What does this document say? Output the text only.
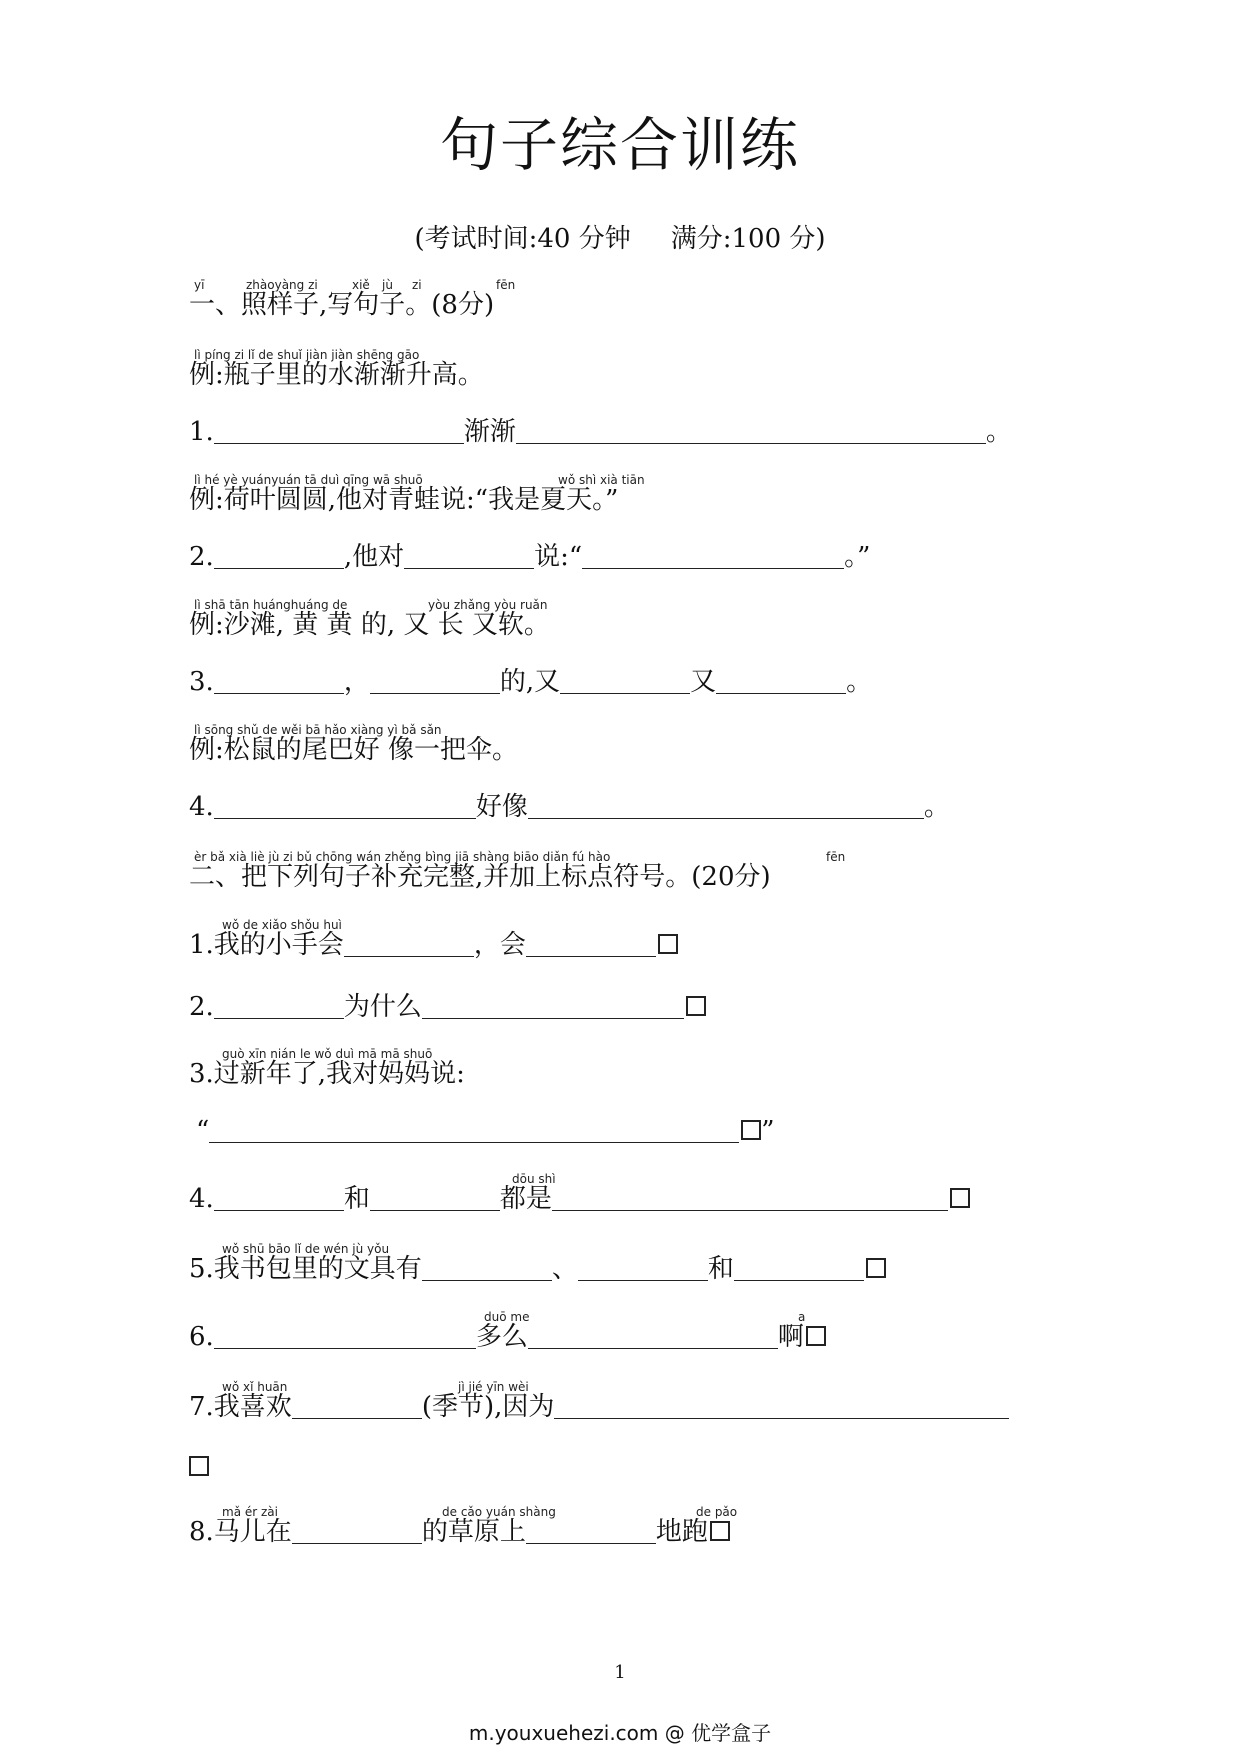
句子综合训练
(考试时间:40 分钟 满分:100 分)
yī	zhàoyàng zi	xiě jù zi	fēn
一、照样子,写句子。(8分)
lì píng zi lǐ de shuǐ jiàn jiàn shēng gāo
例:瓶子里的水渐渐升高。
1.	渐渐	。
lì hé yè yuányuán tā duì qīng wā shuō	wǒ shì xià tiān
例:荷叶圆圆,他对青蛙说:“我是夏天。”
2.	,他对	说:“	。”
lì shā tān huánghuáng de	yòu zhǎng yòu ruǎn
例:沙滩, 黄 黄 的, 又 长 又软。
3.	，	的,又	又	。
lì sōng shǔ de wěi bā hǎo xiàng yì bǎ sǎn
例:松鼠的尾巴好 像一把伞。
4.	好像	。
èr bǎ xià liè jù zi bǔ chōng wán zhěng bìng jiā shàng biāo diǎn fú hào	fēn
二、把下列句子补充完整,并加上标点符号。(20分)
wǒ de xiǎo shǒu huì
1.我的小手会	，会
2.	为什么
guò xīn nián le wǒ duì mā mā shuō
3.过新年了,我对妈妈说:
“	”
dōu shì
4.	和	都是
wǒ shū bāo lǐ de wén jù yǒu
5.我书包里的文具有	、	和
duō me	a
6.	多么	啊
wǒ xǐ huān	jì jié yīn wèi
7.我喜欢	(季节),因为
mǎ ér zài	de cǎo yuán shàng	de pǎo
8.马儿在	的草原上	地跑
1
m.youxuehezi.com @ 优学盒子
